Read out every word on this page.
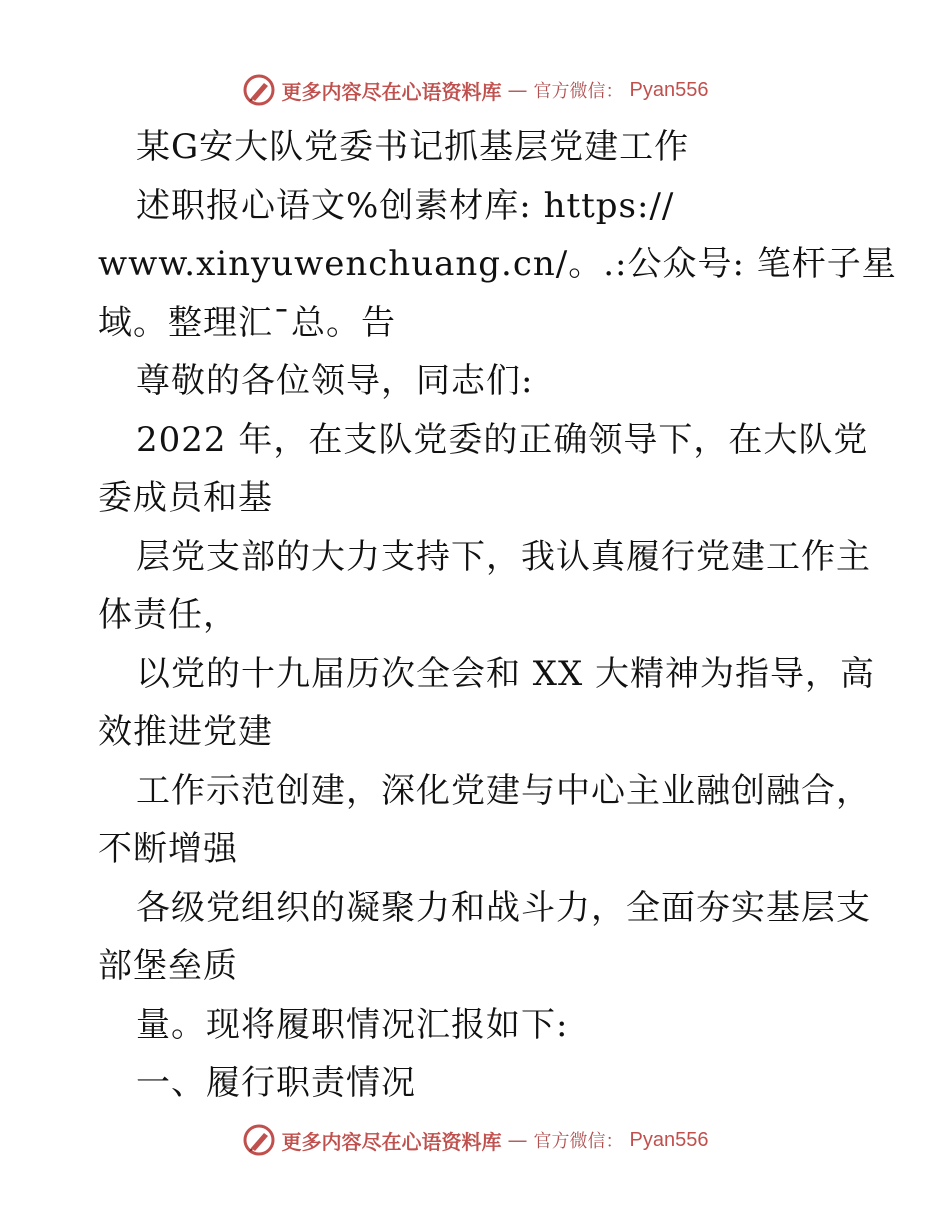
更多内容尽在心语资料库 — 官方微信： Pyan556
某G安大队党委书记抓基层党建工作
述职报心语文%创素材库: https://
www.xinyuwenchuang.cn/。.:公众号: 笔杆子星
域。整理汇¯总。告
尊敬的各位领导，同志们:
2022 年，在支队党委的正确领导下，在大队党
委成员和基
层党支部的大力支持下，我认真履行党建工作主
体责任，
以党的十九届历次全会和 XX 大精神为指导，高
效推进党建
工作示范创建，深化党建与中心主业融创融合，
不断增强
各级党组织的凝聚力和战斗力，全面夯实基层支
部堡垒质
量。现将履职情况汇报如下:
一、履行职责情况
更多内容尽在心语资料库 — 官方微信： Pyan556
